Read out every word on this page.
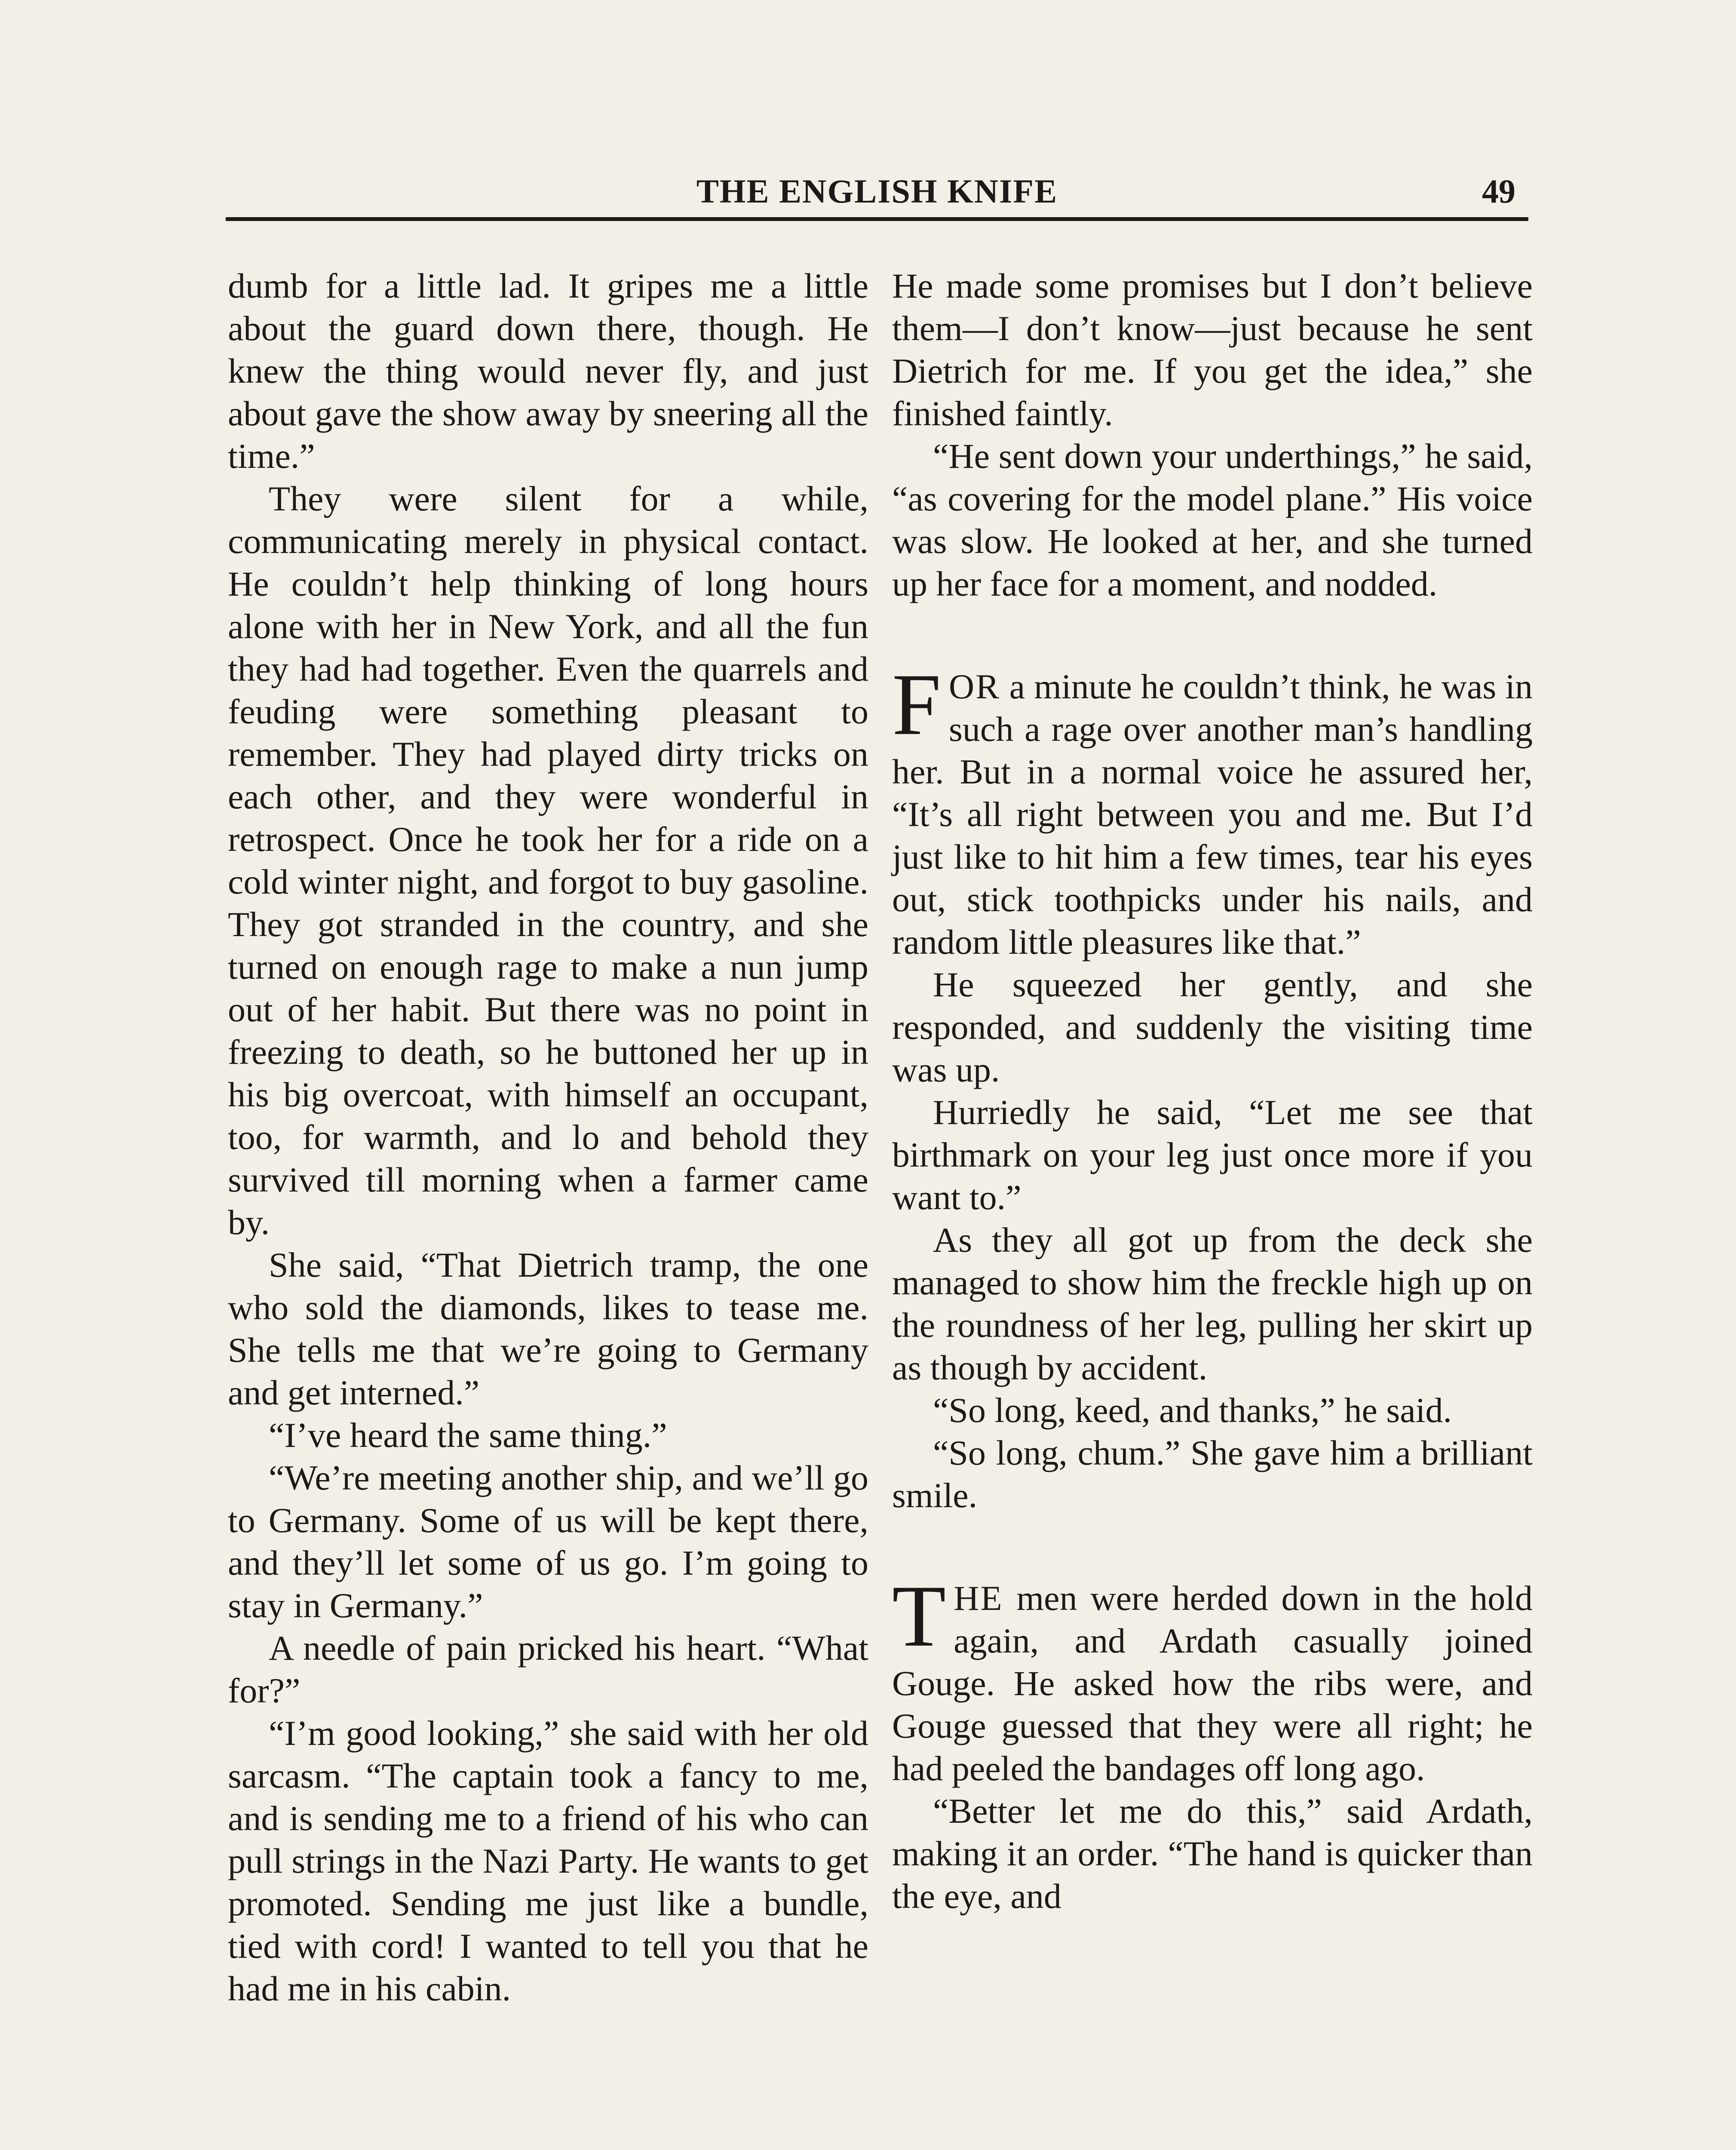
THE ENGLISH KNIFE	49

dumb for a little lad. It gripes me a little about the guard down there, though. He knew the thing would never fly, and just about gave the show away by sneering all the time.”

They were silent for a while, communicating merely in physical contact. He couldn’t help thinking of long hours alone with her in New York, and all the fun they had had together. Even the quarrels and feuding were something pleasant to remember. They had played dirty tricks on each other, and they were wonderful in retrospect. Once he took her for a ride on a cold winter night, and forgot to buy gasoline. They got stranded in the country, and she turned on enough rage to make a nun jump out of her habit. But there was no point in freezing to death, so he buttoned her up in his big overcoat, with himself an occupant, too, for warmth, and lo and behold they survived till morning when a farmer came by.

She said, “That Dietrich tramp, the one who sold the diamonds, likes to tease me. She tells me that we’re going to Germany and get interned.”

“I’ve heard the same thing.”

“We’re meeting another ship, and we’ll go to Germany. Some of us will be kept there, and they’ll let some of us go. I’m going to stay in Germany.”

A needle of pain pricked his heart. “What for?”

“I’m good looking,” she said with her old sarcasm. “The captain took a fancy to me, and is sending me to a friend of his who can pull strings in the Nazi Party. He wants to get promoted. Sending me just like a bundle, tied with cord! I wanted to tell you that he had me in his cabin.

He made some promises but I don’t believe them—I don’t know—just because he sent Dietrich for me. If you get the idea,” she finished faintly.

“He sent down your underthings,” he said, “as covering for the model plane.” His voice was slow. He looked at her, and she turned up her face for a moment, and nodded.

FOR a minute he couldn’t think, he was in such a rage over another man’s handling her. But in a normal voice he assured her, “It’s all right between you and me. But I’d just like to hit him a few times, tear his eyes out, stick toothpicks under his nails, and random little pleasures like that.”

He squeezed her gently, and she responded, and suddenly the visiting time was up.

Hurriedly he said, “Let me see that birthmark on your leg just once more if you want to.”

As they all got up from the deck she managed to show him the freckle high up on the roundness of her leg, pulling her skirt up as though by accident.

“So long, keed, and thanks,” he said.

“So long, chum.” She gave him a brilliant smile.

THE men were herded down in the hold again, and Ardath casually joined Gouge. He asked how the ribs were, and Gouge guessed that they were all right; he had peeled the bandages off long ago.

“Better let me do this,” said Ardath, making it an order. “The hand is quicker than the eye, and
